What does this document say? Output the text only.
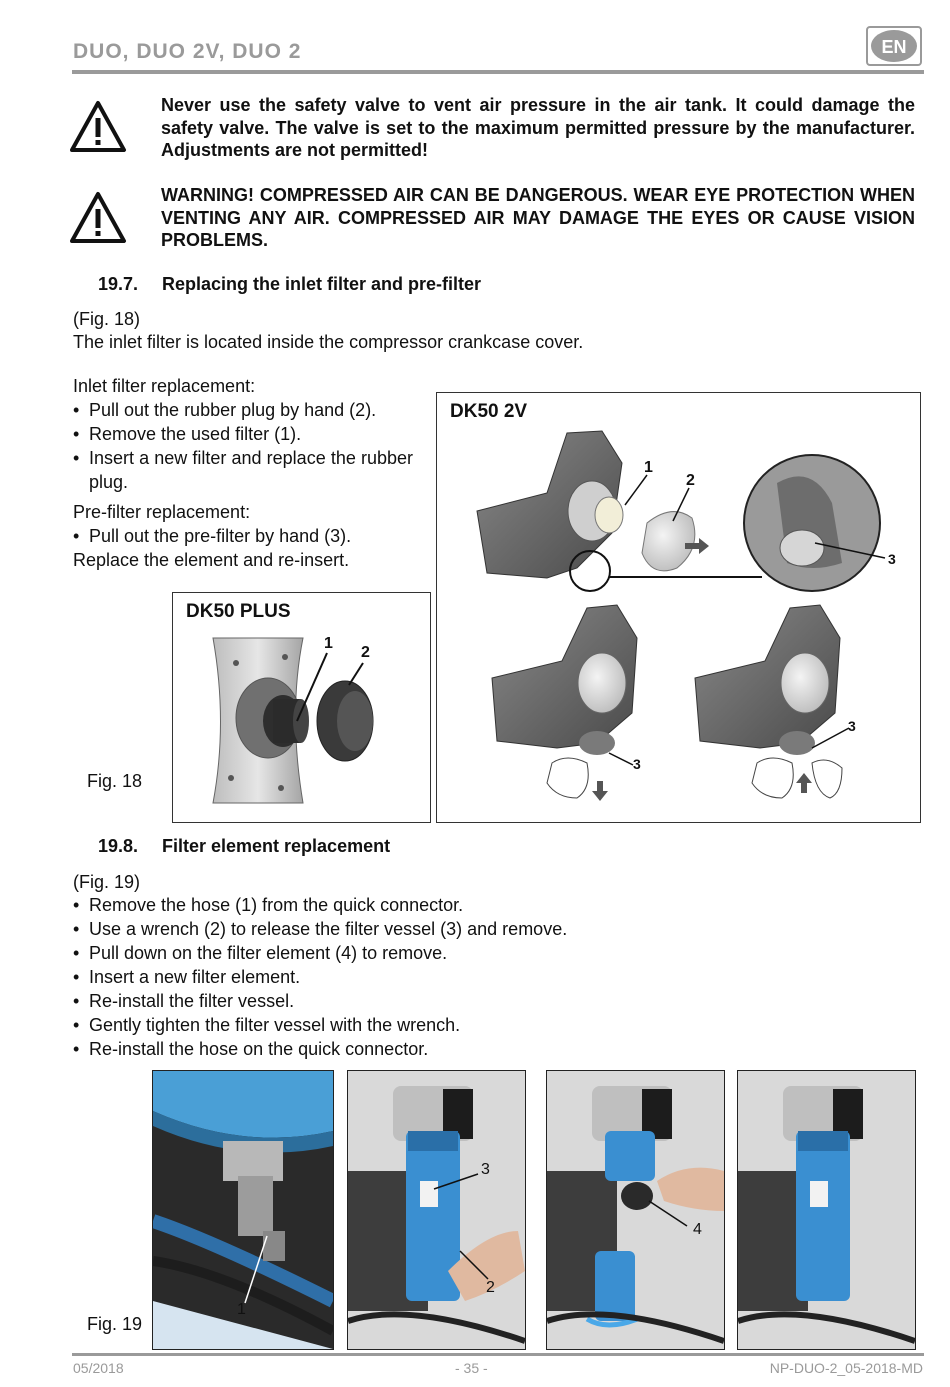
DUO, DUO 2V, DUO 2	EN
Never use the safety valve to vent air pressure in the air tank. It could damage the safety valve. The valve is set to the maximum permitted pressure by the manufacturer. Adjustments are not permitted!
WARNING! COMPRESSED AIR CAN BE DANGEROUS. WEAR EYE PROTECTION WHEN VENTING ANY AIR. COMPRESSED AIR MAY DAMAGE THE EYES OR CAUSE VISION PROBLEMS.
19.7. Replacing the inlet filter and pre-filter
(Fig. 18)
The inlet filter is located inside the compressor crankcase cover.
Inlet filter replacement:
• Pull out the rubber plug by hand (2).
• Remove the used filter (1).
• Insert a new filter and replace the rubber plug.
Pre-filter replacement:
• Pull out the pre-filter by hand (3).
Replace the element and re-insert.
DK50 2V
1
2
3
3
3
DK50 PLUS
1
2
Fig. 18
19.8. Filter element replacement
(Fig. 19)
• Remove the hose (1) from the quick connector.
• Use a wrench (2) to release the filter vessel (3) and remove.
• Pull down on the filter element (4) to remove.
• Insert a new filter element.
• Re-install the filter vessel.
• Gently tighten the filter vessel with the wrench.
• Re-install the hose on the quick connector.
1
3
2
4
Fig. 19
05/2018	- 35 -	NP-DUO-2_05-2018-MD
